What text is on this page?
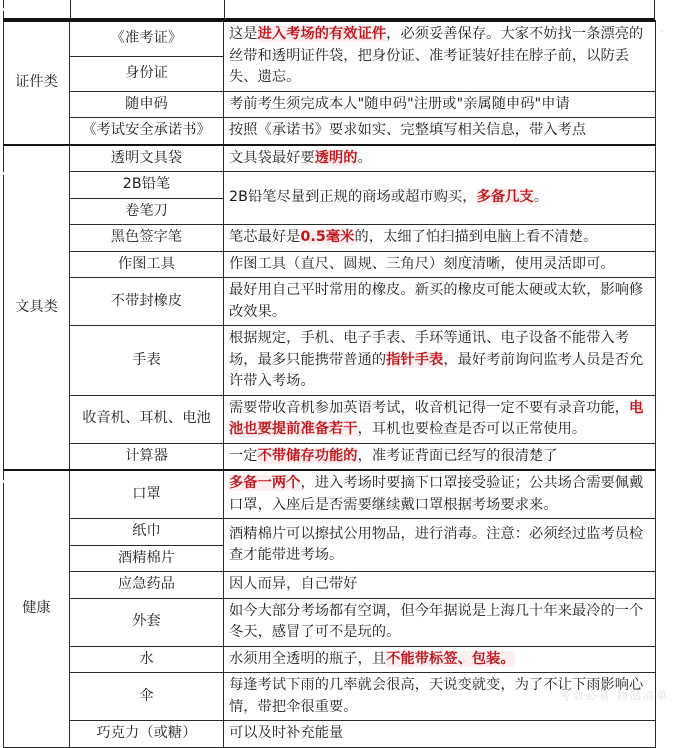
证件类	《准考证》	这是进入考场的有效证件，必须妥善保存。大家不妨找一条漂亮的丝带和透明证件袋，把身份证、准考证装好挂在脖子前，以防丢失、遗忘。
	身份证	
	随申码	考前考生须完成本人"随申码"注册或"亲属随申码"申请
	《考试安全承诺书》	按照《承诺书》要求如实、完整填写相关信息，带入考点
文具类	透明文具袋	文具袋最好要透明的。
	2B铅笔	2B铅笔尽量到正规的商场或超市购买，多备几支。
	卷笔刀	
	黑色签字笔	笔芯最好是0.5毫米的，太细了怕扫描到电脑上看不清楚。
	作图工具	作图工具（直尺、圆规、三角尺）刻度清晰，使用灵活即可。
	不带封橡皮	最好用自己平时常用的橡皮。新买的橡皮可能太硬或太软，影响修改效果。
	手表	根据规定，手机、电子手表、手环等通讯、电子设备不能带入考场，最多只能携带普通的指针手表，最好考前询问监考人员是否允许带入考场。
	收音机、耳机、电池	需要带收音机参加英语考试，收音机记得一定不要有录音功能，电池也要提前准备若干，耳机也要检查是否可以正常使用。
	计算器	一定不带储存功能的，准考证背面已经写的很清楚了
健康	口罩	多备一两个，进入考场时要摘下口罩接受验证；公共场合需要佩戴口罩，入座后是否需要继续戴口罩根据考场要求来。
	纸巾	酒精棉片可以擦拭公用物品，进行消毒。注意：必须经过监考员检查才能带进考场。
	酒精棉片	
	应急药品	因人而异，自己带好
	外套	如今大部分考场都有空调，但今年据说是上海几十年来最冷的一个冬天，感冒了可不是玩的。
	水	水须用全透明的瓶子，且不能带标签、包装。
	伞	每逢考试下雨的几率就会很高，天说变就变，为了不让下雨影响心情，带把伞很重要。
	巧克力（或糖）	可以及时补充能量
考前必看 物品清单
